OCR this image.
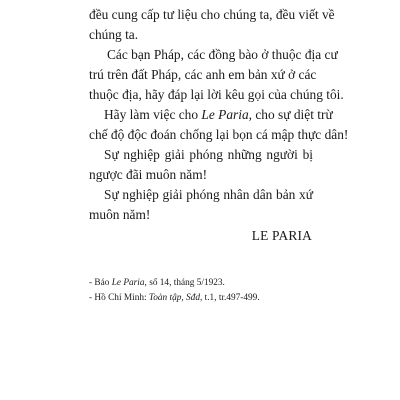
đều cung cấp tư liệu cho chúng ta, đều viết về
chúng ta.
Các bạn Pháp, các đồng bào ở thuộc địa cư
trú trên đất Pháp, các anh em bản xứ ở các
thuộc địa, hãy đáp lại lời kêu gọi của chúng tôi.
Hãy làm việc cho Le Paria, cho sự diệt trừ
chế độ độc đoán chống lại bọn cá mập thực dân!
Sự nghiệp giải phóng những người bị
ngược đãi muôn năm!
Sự nghiệp giải phóng nhân dân bản xứ
muôn năm!
LE PARIA
- Báo Le Paria, số 14, tháng 5/1923.
- Hồ Chí Minh: Toàn tập, Sđd, t.1, tr.497-499.
